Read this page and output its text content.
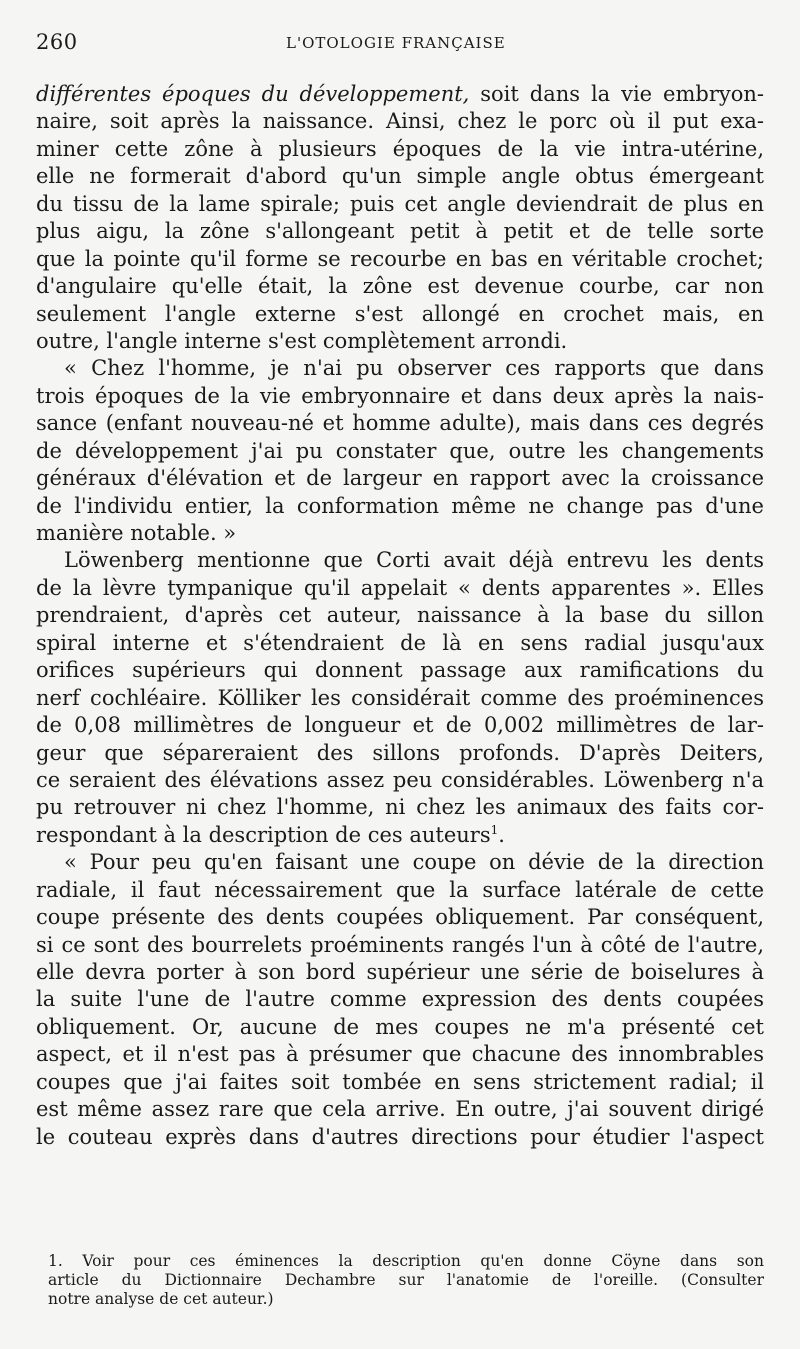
260	L'OTOLOGIE FRANÇAISE
différentes époques du développement, soit dans la vie embryon-
naire, soit après la naissance. Ainsi, chez le porc où il put exa-
miner cette zône à plusieurs époques de la vie intra-utérine,
elle ne formerait d'abord qu'un simple angle obtus émergeant
du tissu de la lame spirale; puis cet angle deviendrait de plus en
plus aigu, la zône s'allongeant petit à petit et de telle sorte
que la pointe qu'il forme se recourbe en bas en véritable crochet;
d'angulaire qu'elle était, la zône est devenue courbe, car non
seulement l'angle externe s'est allongé en crochet mais, en
outre, l'angle interne s'est complètement arrondi.
« Chez l'homme, je n'ai pu observer ces rapports que dans
trois époques de la vie embryonnaire et dans deux après la nais-
sance (enfant nouveau-né et homme adulte), mais dans ces degrés
de développement j'ai pu constater que, outre les changements
généraux d'élévation et de largeur en rapport avec la croissance
de l'individu entier, la conformation même ne change pas d'une
manière notable. »
Löwenberg mentionne que Corti avait déjà entrevu les dents
de la lèvre tympanique qu'il appelait « dents apparentes ». Elles
prendraient, d'après cet auteur, naissance à la base du sillon
spiral interne et s'étendraient de là en sens radial jusqu'aux
orifices supérieurs qui donnent passage aux ramifications du
nerf cochléaire. Kölliker les considérait comme des proéminences
de 0,08 millimètres de longueur et de 0,002 millimètres de lar-
geur que sépareraient des sillons profonds. D'après Deiters,
ce seraient des élévations assez peu considérables. Löwenberg n'a
pu retrouver ni chez l'homme, ni chez les animaux des faits cor-
respondant à la description de ces auteurs$^1$.
« Pour peu qu'en faisant une coupe on dévie de la direction
radiale, il faut nécessairement que la surface latérale de cette
coupe présente des dents coupées obliquement. Par conséquent,
si ce sont des bourrelets proéminents rangés l'un à côté de l'autre,
elle devra porter à son bord supérieur une série de boiselures à
la suite l'une de l'autre comme expression des dents coupées
obliquement. Or, aucune de mes coupes ne m'a présenté cet
aspect, et il n'est pas à présumer que chacune des innombrables
coupes que j'ai faites soit tombée en sens strictement radial; il
est même assez rare que cela arrive. En outre, j'ai souvent dirigé
le couteau exprès dans d'autres directions pour étudier l'aspect
1. Voir pour ces éminences la description qu'en donne Cöyne dans son
article du Dictionnaire Dechambre sur l'anatomie de l'oreille. (Consulter
notre analyse de cet auteur.)
